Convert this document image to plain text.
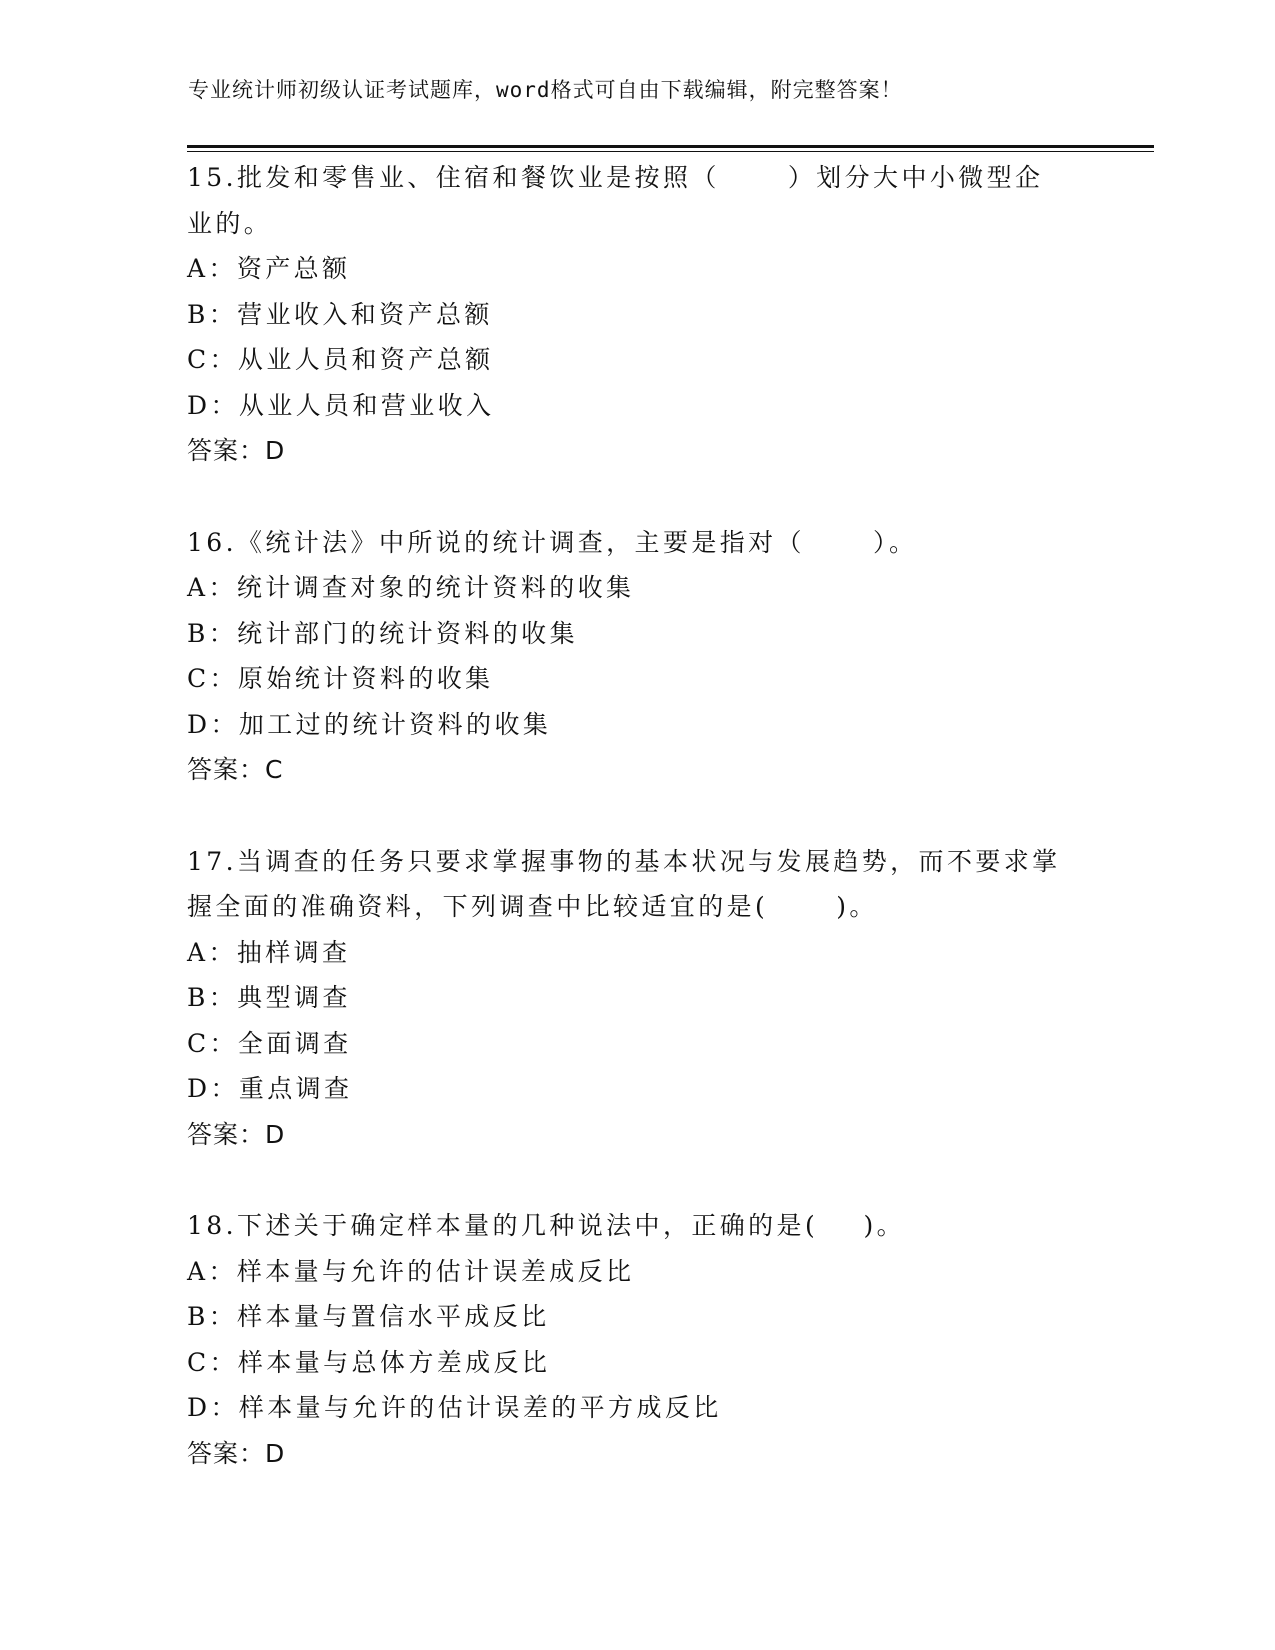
专业统计师初级认证考试题库，word格式可自由下载编辑，附完整答案！
15.批发和零售业、住宿和餐饮业是按照（      ）划分大中小微型企
业的。
A：资产总额
B：营业收入和资产总额
C：从业人员和资产总额
D：从业人员和营业收入
答案：D
16.《统计法》中所说的统计调查，主要是指对（      ）。
A：统计调查对象的统计资料的收集
B：统计部门的统计资料的收集
C：原始统计资料的收集
D：加工过的统计资料的收集
答案：C
17.当调查的任务只要求掌握事物的基本状况与发展趋势，而不要求掌
握全面的准确资料，下列调查中比较适宜的是(      )。
A：抽样调查
B：典型调查
C：全面调查
D：重点调查
答案：D
18.下述关于确定样本量的几种说法中，正确的是(    )。
A：样本量与允许的估计误差成反比
B：样本量与置信水平成反比
C：样本量与总体方差成反比
D：样本量与允许的估计误差的平方成反比
答案：D
